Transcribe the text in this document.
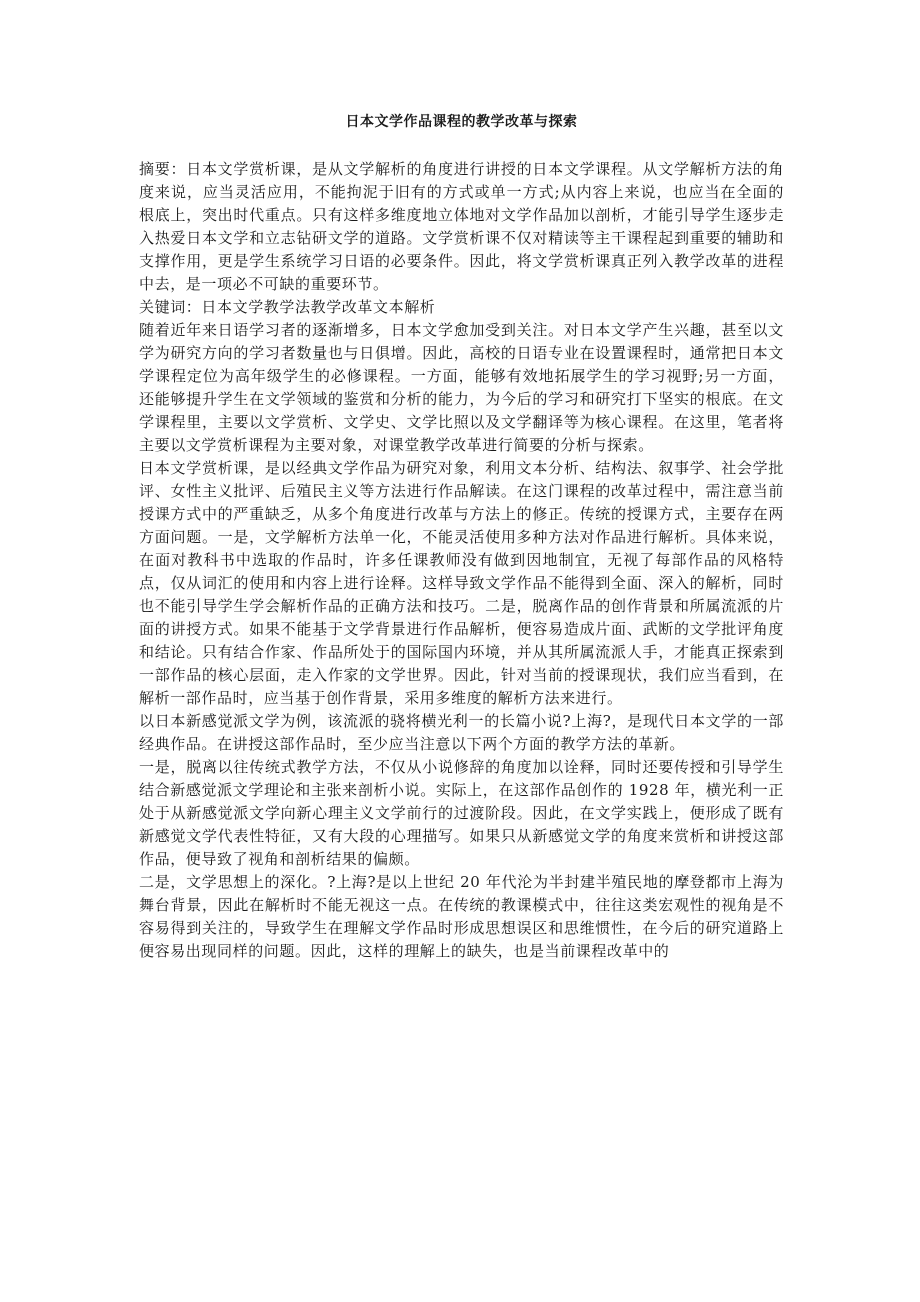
日本文学作品课程的教学改革与探索

摘要：日本文学赏析课，是从文学解析的角度进行讲授的日本文学课程。从文学解析方法的角度来说，应当灵活应用，不能拘泥于旧有的方式或单一方式;从内容上来说，也应当在全面的根底上，突出时代重点。只有这样多维度地立体地对文学作品加以剖析，才能引导学生逐步走入热爱日本文学和立志钻研文学的道路。文学赏析课不仅对精读等主干课程起到重要的辅助和支撑作用，更是学生系统学习日语的必要条件。因此，将文学赏析课真正列入教学改革的进程中去，是一项必不可缺的重要环节。

关键词：日本文学教学法教学改革文本解析

随着近年来日语学习者的逐渐增多，日本文学愈加受到关注。对日本文学产生兴趣，甚至以文学为研究方向的学习者数量也与日俱增。因此，高校的日语专业在设置课程时，通常把日本文学课程定位为高年级学生的必修课程。一方面，能够有效地拓展学生的学习视野;另一方面，还能够提升学生在文学领域的鉴赏和分析的能力，为今后的学习和研究打下坚实的根底。在文学课程里，主要以文学赏析、文学史、文学比照以及文学翻译等为核心课程。在这里，笔者将主要以文学赏析课程为主要对象，对课堂教学改革进行简要的分析与探索。

日本文学赏析课，是以经典文学作品为研究对象，利用文本分析、结构法、叙事学、社会学批评、女性主义批评、后殖民主义等方法进行作品解读。在这门课程的改革过程中，需注意当前授课方式中的严重缺乏，从多个角度进行改革与方法上的修正。传统的授课方式，主要存在两方面问题。一是，文学解析方法单一化，不能灵活使用多种方法对作品进行解析。具体来说，在面对教科书中选取的作品时，许多任课教师没有做到因地制宜，无视了每部作品的风格特点，仅从词汇的使用和内容上进行诠释。这样导致文学作品不能得到全面、深入的解析，同时也不能引导学生学会解析作品的正确方法和技巧。二是，脱离作品的创作背景和所属流派的片面的讲授方式。如果不能基于文学背景进行作品解析，便容易造成片面、武断的文学批评角度和结论。只有结合作家、作品所处于的国际国内环境，并从其所属流派人手，才能真正探索到一部作品的核心层面，走入作家的文学世界。因此，针对当前的授课现状，我们应当看到，在解析一部作品时，应当基于创作背景，采用多维度的解析方法来进行。

以日本新感觉派文学为例，该流派的骁将横光利一的长篇小说?上海?，是现代日本文学的一部经典作品。在讲授这部作品时，至少应当注意以下两个方面的教学方法的革新。

一是，脱离以往传统式教学方法，不仅从小说修辞的角度加以诠释，同时还要传授和引导学生结合新感觉派文学理论和主张来剖析小说。实际上，在这部作品创作的 1928 年，横光利一正处于从新感觉派文学向新心理主义文学前行的过渡阶段。因此，在文学实践上，便形成了既有新感觉文学代表性特征，又有大段的心理描写。如果只从新感觉文学的角度来赏析和讲授这部作品，便导致了视角和剖析结果的偏颇。

二是，文学思想上的深化。?上海?是以上世纪 20 年代沦为半封建半殖民地的摩登都市上海为舞台背景，因此在解析时不能无视这一点。在传统的教课模式中，往往这类宏观性的视角是不容易得到关注的，导致学生在理解文学作品时形成思想误区和思维惯性，在今后的研究道路上便容易出现同样的问题。因此，这样的理解上的缺失，也是当前课程改革中的
